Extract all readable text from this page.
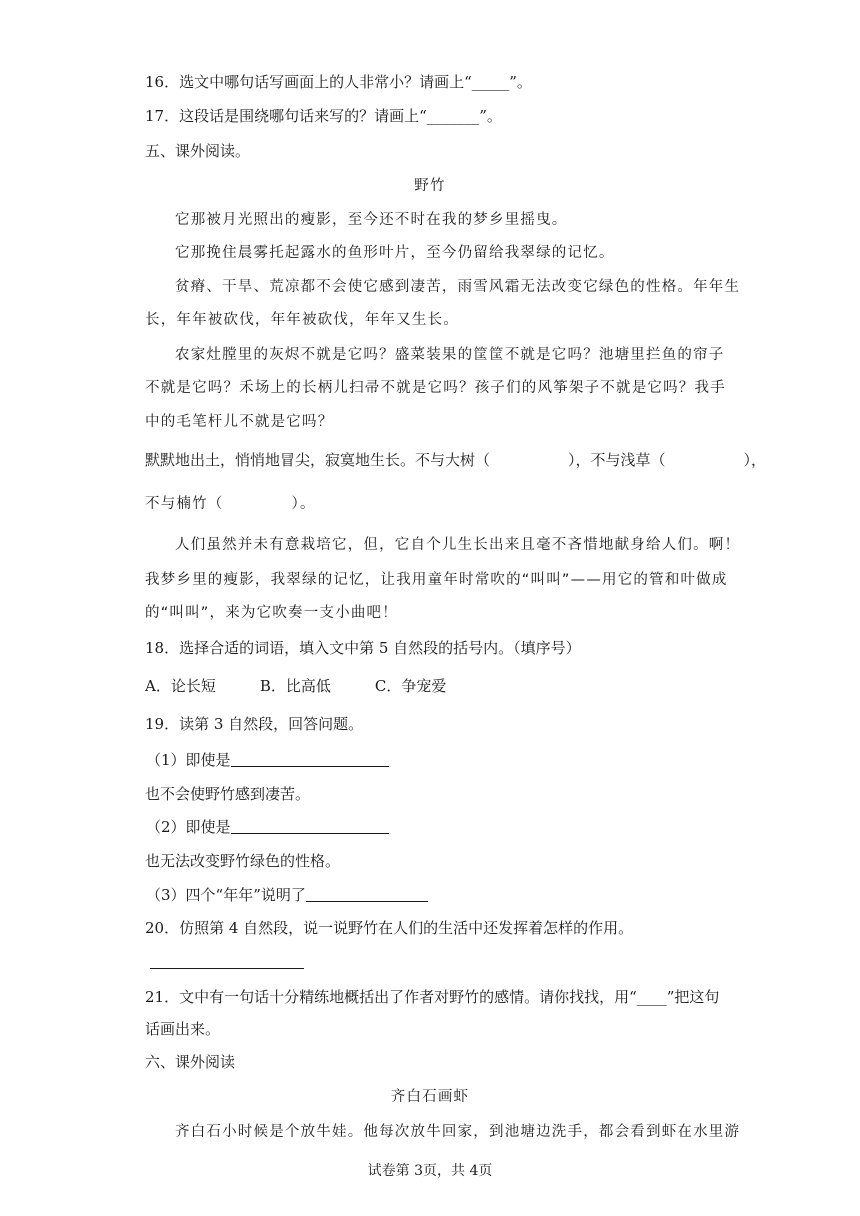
16．选文中哪句话写画面上的人非常小？请画上“_____”。
17．这段话是围绕哪句话来写的？请画上“_______”。
五、课外阅读。
野竹
它那被月光照出的瘦影，至今还不时在我的梦乡里摇曳。
它那挽住晨雾托起露水的鱼形叶片，至今仍留给我翠绿的记忆。
贫瘠、干旱、荒凉都不会使它感到凄苦，雨雪风霜无法改变它绿色的性格。年年生
长，年年被砍伐，年年被砍伐，年年又生长。
农家灶膛里的灰烬不就是它吗？盛菜装果的筐筐不就是它吗？池塘里拦鱼的帘子
不就是它吗？禾场上的长柄儿扫帚不就是它吗？孩子们的风筝架子不就是它吗？我手
中的毛笔杆儿不就是它吗？
默默地出土，悄悄地冒尖，寂寞地生长。不与大树（	），不与浅草（	），
不与楠竹（	）。
人们虽然并未有意栽培它，但，它自个儿生长出来且毫不吝惜地献身给人们。啊！
我梦乡里的瘦影，我翠绿的记忆，让我用童年时常吹的“叫叫”——用它的管和叶做成
的“叫叫”，来为它吹奏一支小曲吧！
18．选择合适的词语，填入文中第 5 自然段的括号内。（填序号）
A．论长短	B．比高低	C．争宠爱
19．读第 3 自然段，回答问题。
（1）即使是
也不会使野竹感到凄苦。
（2）即使是
也无法改变野竹绿色的性格。
（3）四个“年年”说明了
20．仿照第 4 自然段，说一说野竹在人们的生活中还发挥着怎样的作用。
21．文中有一句话十分精练地概括出了作者对野竹的感情。请你找找，用“____”把这句
话画出来。
六、课外阅读
齐白石画虾
齐白石小时候是个放牛娃。他每次放牛回家，到池塘边洗手，都会看到虾在水里游
试卷第 3页，共 4页
